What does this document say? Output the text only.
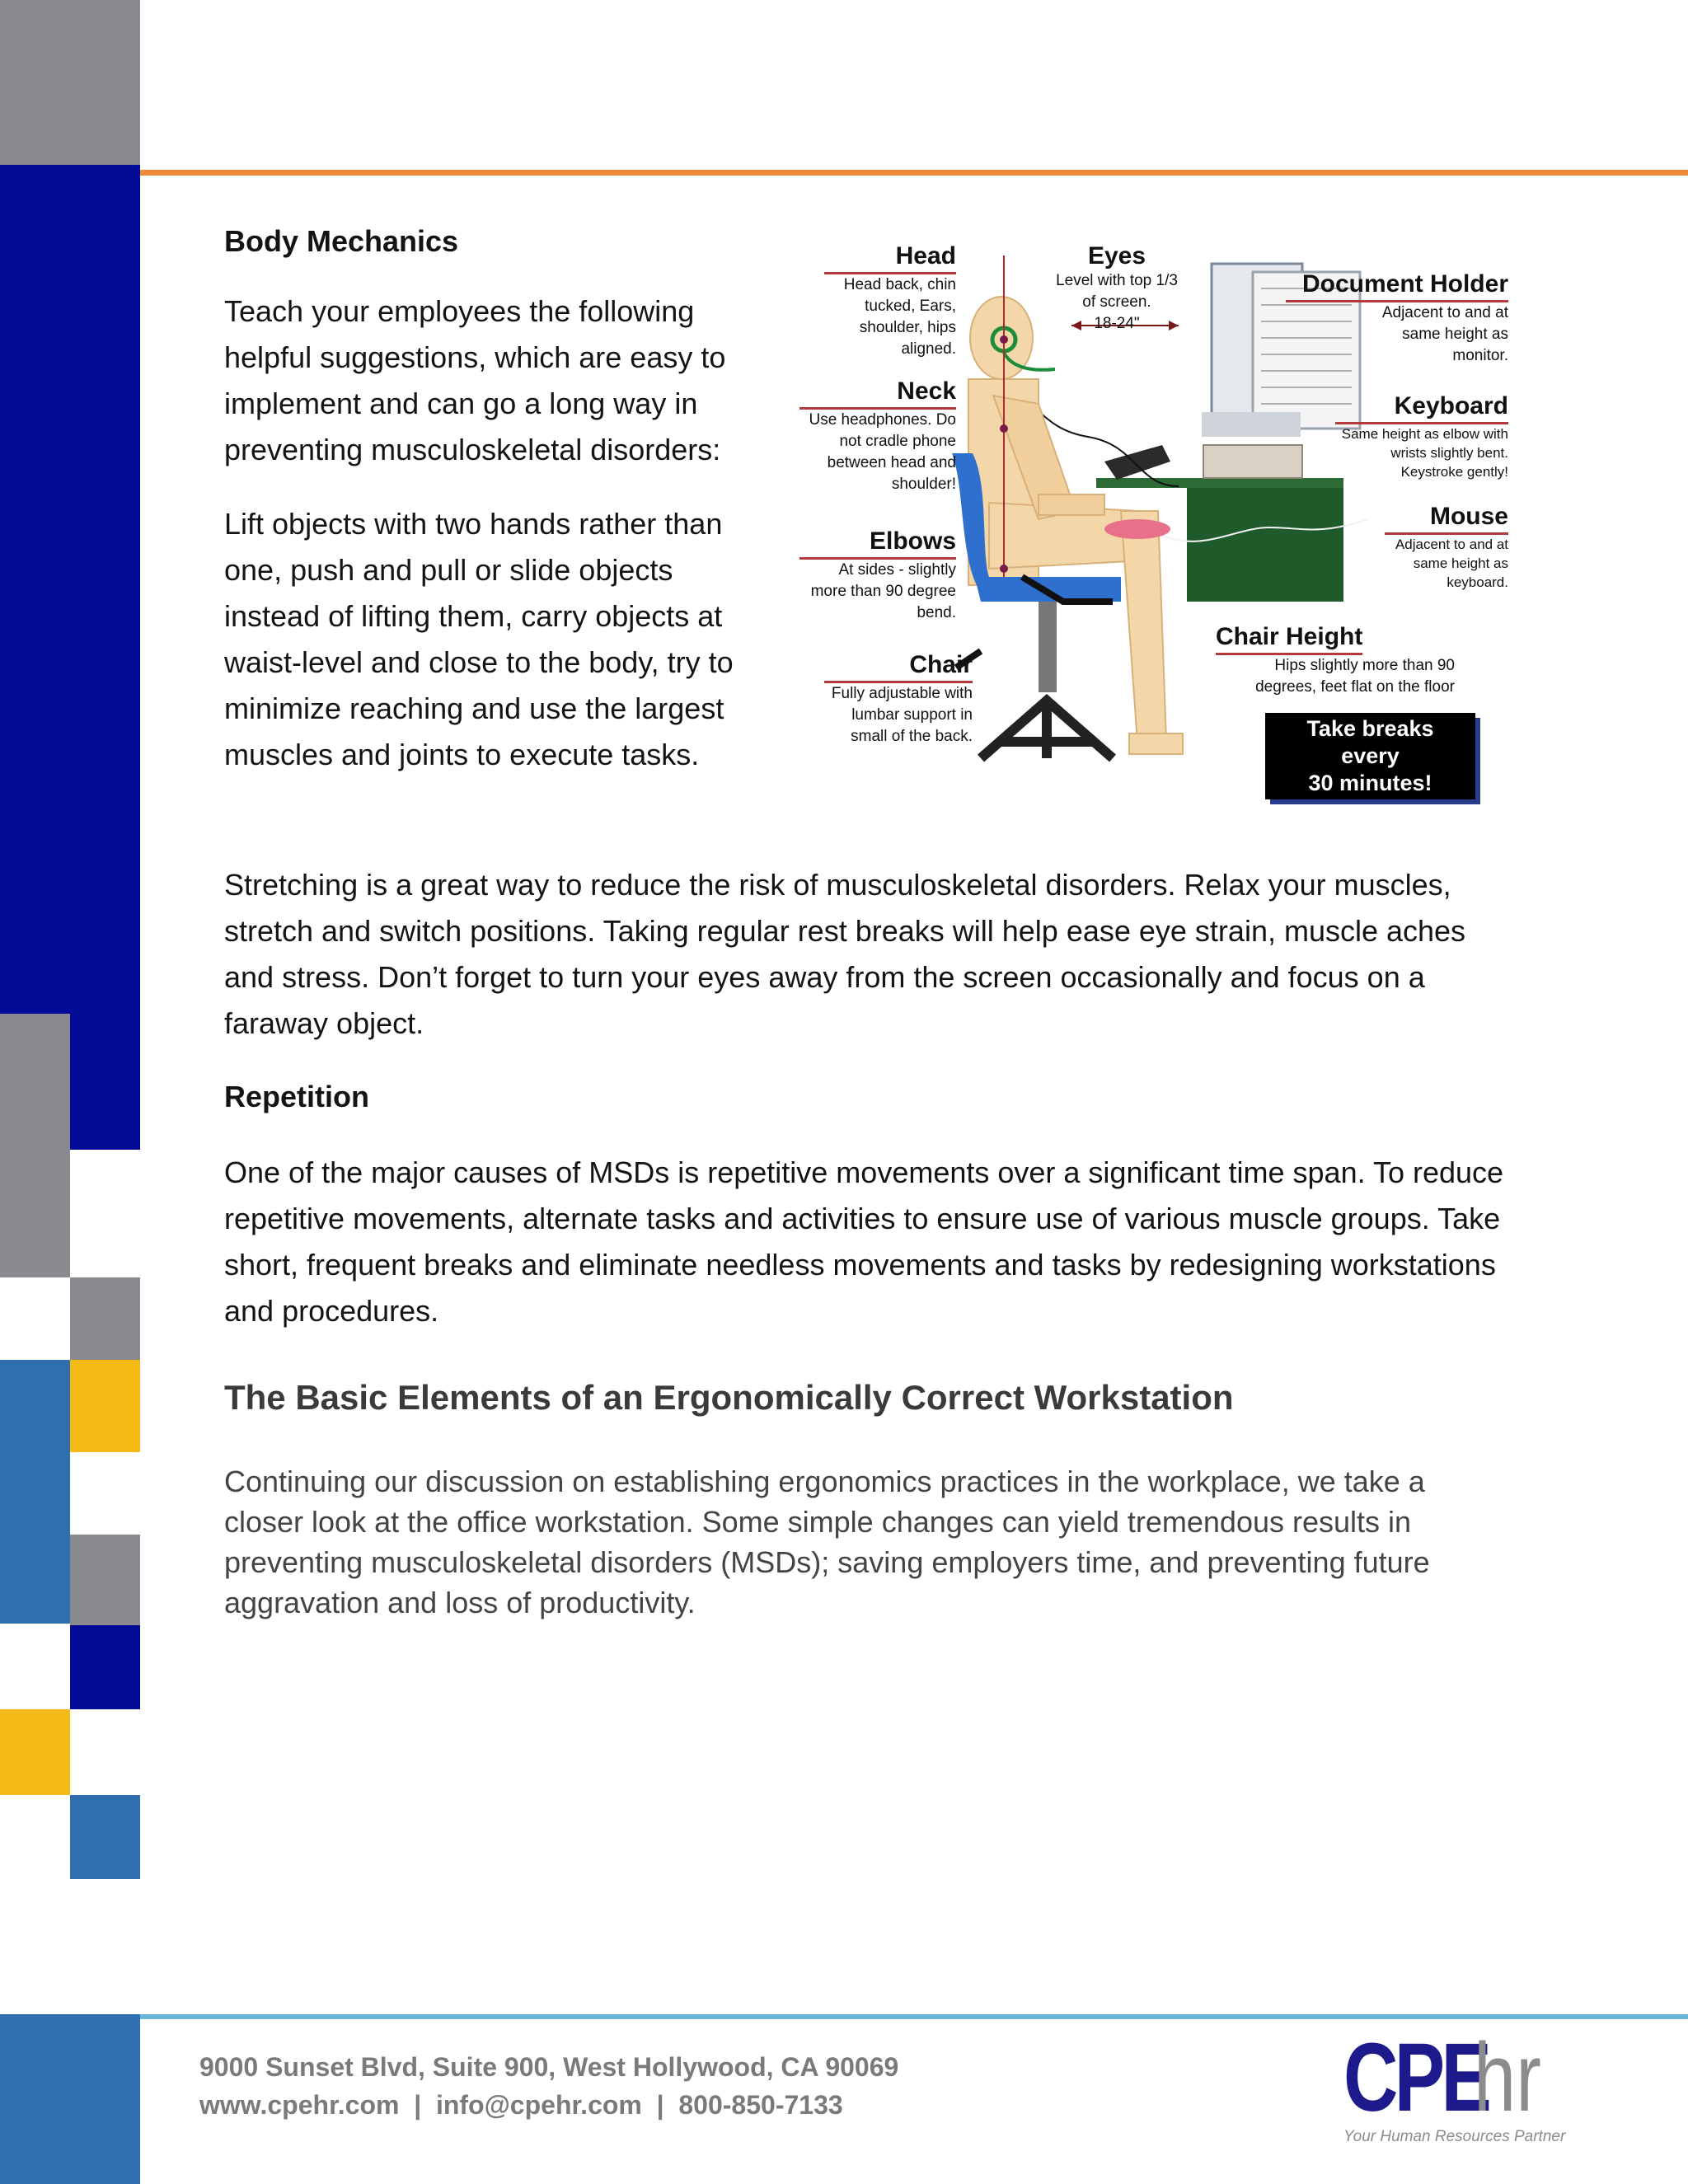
Body Mechanics

Teach your employees the following helpful suggestions, which are easy to implement and can go a long way in preventing musculoskeletal disorders:

Lift objects with two hands rather than one, push and pull or slide objects instead of lifting them, carry objects at waist-level and close to the body, try to minimize reaching and use the largest muscles and joints to execute tasks.

Head
Head back, chin tucked, Ears, shoulder, hips aligned.
Neck
Use headphones. Do not cradle phone between head and shoulder!
Elbows
At sides - slightly more than 90 degree bend.
Chair
Fully adjustable with lumbar support in small of the back.
Eyes
Level with top 1/3 of screen.
18-24"
Document Holder
Adjacent to and at same height as monitor.
Keyboard
Same height as elbow with wrists slightly bent. Keystroke gently!
Mouse
Adjacent to and at same height as keyboard.
Chair Height
Hips slightly more than 90 degrees, feet flat on the floor
Take breaks
every
30 minutes!

Stretching is a great way to reduce the risk of musculoskeletal disorders. Relax your muscles, stretch and switch positions. Taking regular rest breaks will help ease eye strain, muscle aches and stress. Don’t forget to turn your eyes away from the screen occasionally and focus on a faraway object.

Repetition

One of the major causes of MSDs is repetitive movements over a significant time span. To reduce repetitive movements, alternate tasks and activities to ensure use of various muscle groups. Take short, frequent breaks and eliminate needless movements and tasks by redesigning workstations and procedures.

The Basic Elements of an Ergonomically Correct Workstation

Continuing our discussion on establishing ergonomics practices in the workplace, we take a closer look at the office workstation. Some simple changes can yield tremendous results in preventing musculoskeletal disorders (MSDs); saving employers time, and preventing future aggravation and loss of productivity.

9000 Sunset Blvd, Suite 900, West Hollywood, CA 90069

www.cpehr.com  |  info@cpehr.com  |  800-850-7133	CPE
hr
Your Human Resources Partner
